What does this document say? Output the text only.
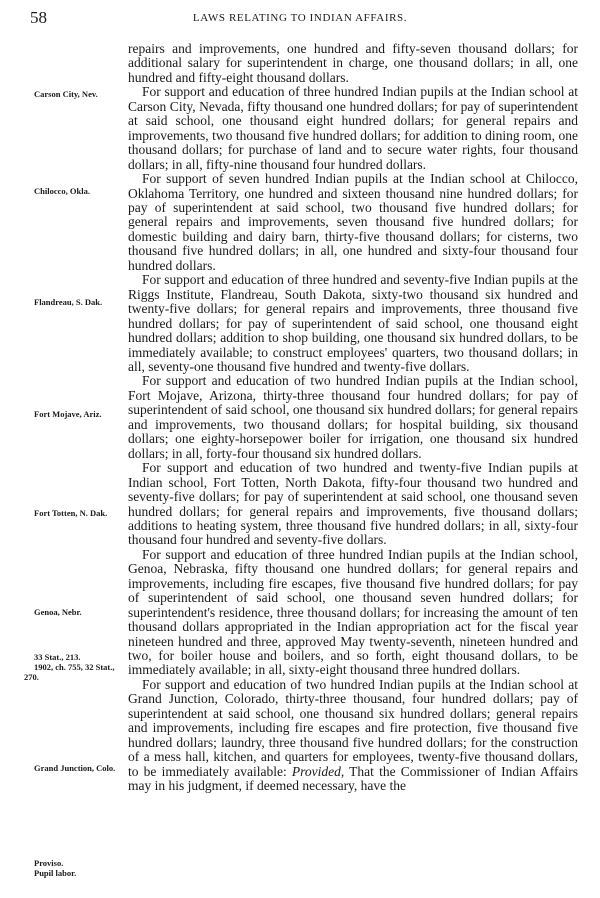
58	LAWS RELATING TO INDIAN AFFAIRS.
Carson City, Nev.
Chilocco, Okla.
Flandreau, S. Dak.
Fort Mojave, Ariz.
Fort Totten, N. Dak.
Genoa, Nebr.
33 Stat., 213.
1902, ch. 755, 32 Stat.,
270.
Grand Junction, Colo.
Proviso.
Pupil labor.

repairs and improvements, one hundred and fifty-seven thousand dollars; for additional salary for superintendent in charge, one thousand dollars; in all, one hundred and fifty-eight thousand dollars.

For support and education of three hundred Indian pupils at the Indian school at Carson City, Nevada, fifty thousand one hundred dollars; for pay of superintendent at said school, one thousand eight hundred dollars; for general repairs and improvements, two thousand five hundred dollars; for addition to dining room, one thousand dollars; for purchase of land and to secure water rights, four thousand dollars; in all, fifty-nine thousand four hundred dollars.

For support of seven hundred Indian pupils at the Indian school at Chilocco, Oklahoma Territory, one hundred and sixteen thousand nine hundred dollars; for pay of superintendent at said school, two thousand five hundred dollars; for general repairs and improvements, seven thousand five hundred dollars; for domestic building and dairy barn, thirty-five thousand dollars; for cisterns, two thousand five hundred dollars; in all, one hundred and sixty-four thousand four hundred dollars.

For support and education of three hundred and seventy-five Indian pupils at the Riggs Institute, Flandreau, South Dakota, sixty-two thousand six hundred and twenty-five dollars; for general repairs and improvements, three thousand five hundred dollars; for pay of superintendent of said school, one thousand eight hundred dollars; addition to shop building, one thousand six hundred dollars, to be immediately available; to construct employees' quarters, two thousand dollars; in all, seventy-one thousand five hundred and twenty-five dollars.

For support and education of two hundred Indian pupils at the Indian school, Fort Mojave, Arizona, thirty-three thousand four hundred dollars; for pay of superintendent of said school, one thousand six hundred dollars; for general repairs and improvements, two thousand dollars; for hospital building, six thousand dollars; one eighty-horsepower boiler for irrigation, one thousand six hundred dollars; in all, forty-four thousand six hundred dollars.

For support and education of two hundred and twenty-five Indian pupils at Indian school, Fort Totten, North Dakota, fifty-four thousand two hundred and seventy-five dollars; for pay of superintendent at said school, one thousand seven hundred dollars; for general repairs and improvements, five thousand dollars; additions to heating system, three thousand five hundred dollars; in all, sixty-four thousand four hundred and seventy-five dollars.

For support and education of three hundred Indian pupils at the Indian school, Genoa, Nebraska, fifty thousand one hundred dollars; for general repairs and improvements, including fire escapes, five thousand five hundred dollars; for pay of superintendent of said school, one thousand seven hundred dollars; for superintendent's residence, three thousand dollars; for increasing the amount of ten thousand dollars appropriated in the Indian appropriation act for the fiscal year nineteen hundred and three, approved May twenty-seventh, nineteen hundred and two, for boiler house and boilers, and so forth, eight thousand dollars, to be immediately available; in all, sixty-eight thousand three hundred dollars.

For support and education of two hundred Indian pupils at the Indian school at Grand Junction, Colorado, thirty-three thousand, four hundred dollars; pay of superintendent at said school, one thousand six hundred dollars; general repairs and improvements, including fire escapes and fire protection, five thousand five hundred dollars; laundry, three thousand five hundred dollars; for the construction of a mess hall, kitchen, and quarters for employees, twenty-five thousand dollars, to be immediately available: Provided, That the Commissioner of Indian Affairs may in his judgment, if deemed necessary, have the
